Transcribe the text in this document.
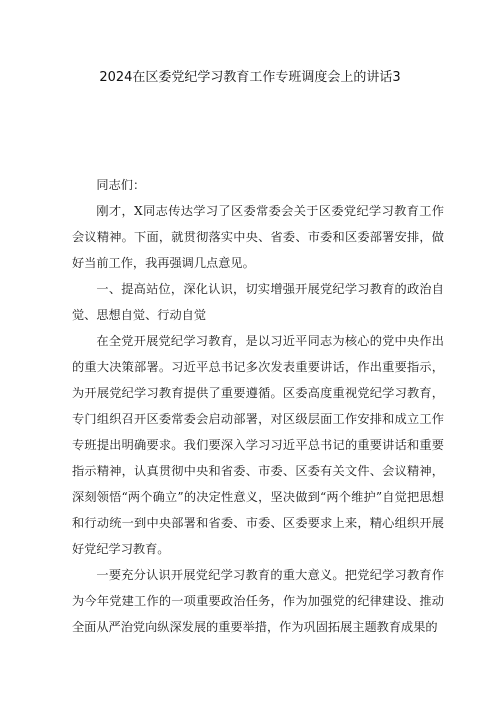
2024在区委党纪学习教育工作专班调度会上的讲话3

同志们：

刚才，X同志传达学习了区委常委会关于区委党纪学习教育工作会议精神。下面，就贯彻落实中央、省委、市委和区委部署安排，做好当前工作，我再强调几点意见。

一、提高站位，深化认识，切实增强开展党纪学习教育的政治自觉、思想自觉、行动自觉

在全党开展党纪学习教育，是以习近平同志为核心的党中央作出的重大决策部署。习近平总书记多次发表重要讲话，作出重要指示，为开展党纪学习教育提供了重要遵循。区委高度重视党纪学习教育，专门组织召开区委常委会启动部署，对区级层面工作安排和成立工作专班提出明确要求。我们要深入学习习近平总书记的重要讲话和重要指示精神，认真贯彻中央和省委、市委、区委有关文件、会议精神，深刻领悟“两个确立”的决定性意义，坚决做到“两个维护”自觉把思想和行动统一到中央部署和省委、市委、区委要求上来，精心组织开展好党纪学习教育。

一要充分认识开展党纪学习教育的重大意义。把党纪学习教育作为今年党建工作的一项重要政治任务，作为加强党的纪律建设、推动全面从严治党向纵深发展的重要举措，作为巩固拓展主题教育成果的
